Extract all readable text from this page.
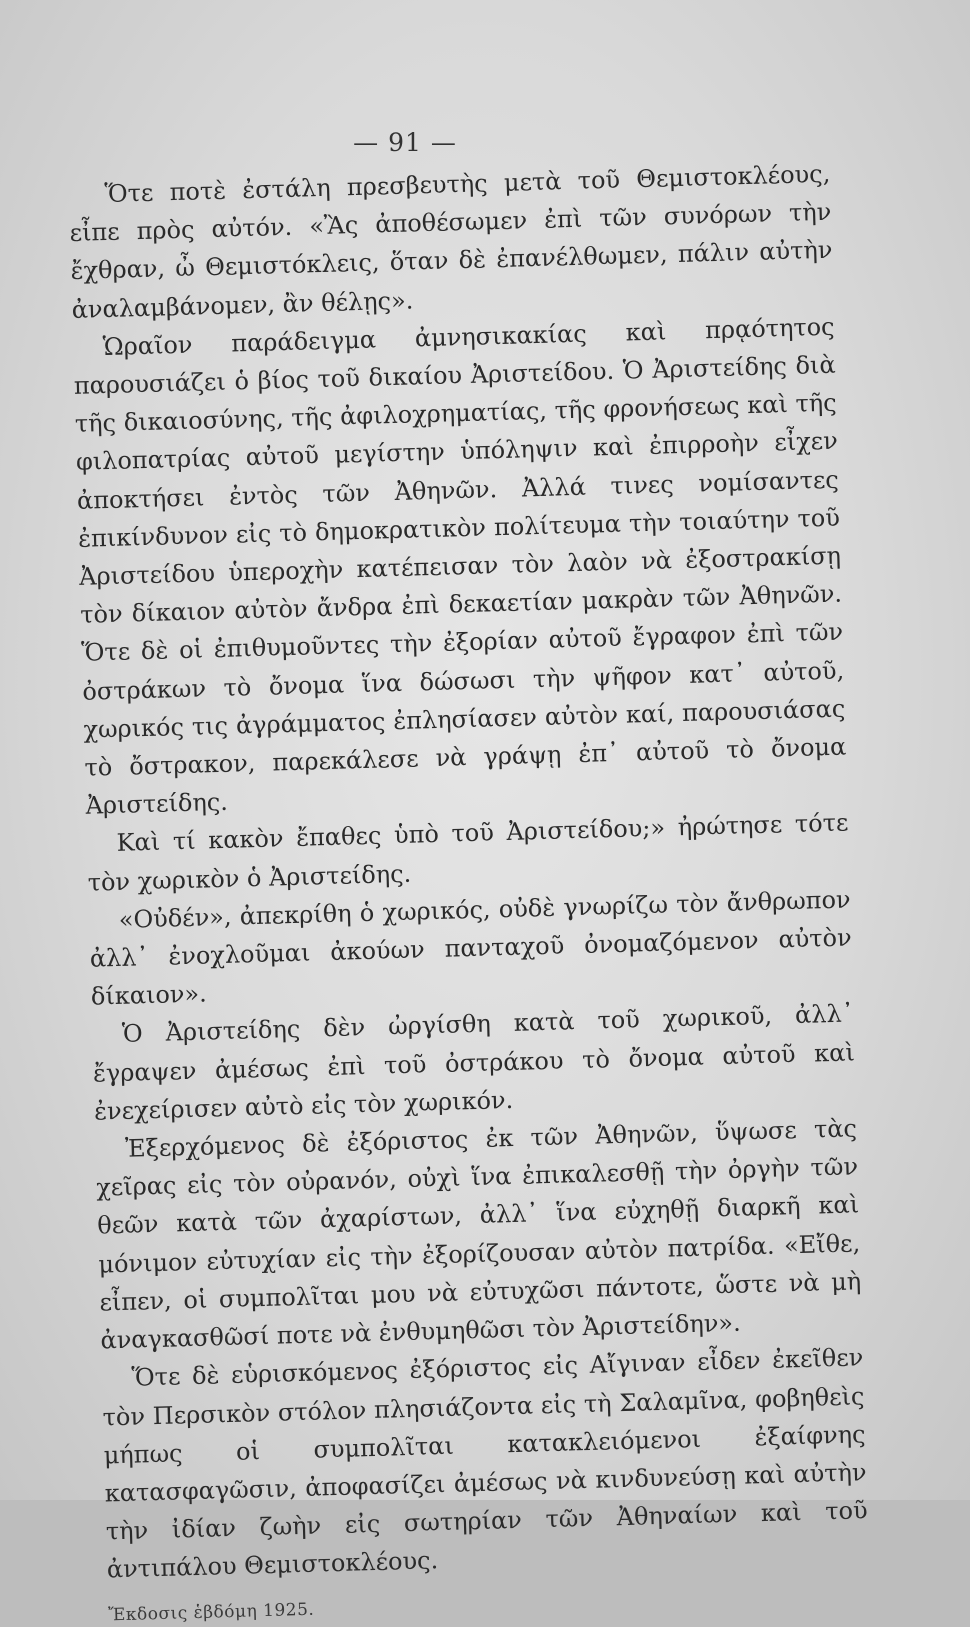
— 91 —

Ὅτε ποτὲ ἐστάλη πρεσβευτὴς μετὰ τοῦ Θεμιστοκλέους, εἶπε πρὸς αὐτόν. «Ἂς ἀποθέσωμεν ἐπὶ τῶν συνόρων τὴν ἔχθραν, ὦ Θεμιστόκλεις, ὅταν δὲ ἐπανέλθωμεν, πάλιν αὐτὴν ἀναλαμβάνομεν, ἂν θέλῃς».

Ὡραῖον παράδειγμα ἀμνησικακίας καὶ πρᾳότητος παρουσιάζει ὁ βίος τοῦ δικαίου Ἀριστείδου. Ὁ Ἀριστείδης διὰ τῆς δικαιοσύνης, τῆς ἀφιλοχρηματίας, τῆς φρονήσεως καὶ τῆς φιλοπατρίας αὐτοῦ μεγίστην ὑπόληψιν καὶ ἐπιρροὴν εἶχεν ἀποκτήσει ἐντὸς τῶν Ἀθηνῶν. Ἀλλά τινες νομίσαντες ἐπικίνδυνον εἰς τὸ δημοκρατικὸν πολίτευμα τὴν τοιαύτην τοῦ Ἀριστείδου ὑπεροχὴν κατέπεισαν τὸν λαὸν νὰ ἐξοστρακίσῃ τὸν δίκαιον αὐτὸν ἄνδρα ἐπὶ δεκαετίαν μακρὰν τῶν Ἀθηνῶν. Ὅτε δὲ οἱ ἐπιθυμοῦντες τὴν ἐξορίαν αὐτοῦ ἔγραφον ἐπὶ τῶν ὀστράκων τὸ ὄνομα ἵνα δώσωσι τὴν ψῆφον κατ᾿ αὐτοῦ, χωρικός τις ἀγράμματος ἐπλησίασεν αὐτὸν καί, παρουσιάσας τὸ ὄστρακον, παρεκάλεσε νὰ γράψῃ ἐπ᾿ αὐτοῦ τὸ ὄνομα Ἀριστείδης.

Καὶ τί κακὸν ἔπαθες ὑπὸ τοῦ Ἀριστείδου;» ἠρώτησε τότε τὸν χωρικὸν ὁ Ἀριστείδης.

«Οὐδέν», ἀπεκρίθη ὁ χωρικός, οὐδὲ γνωρίζω τὸν ἄνθρωπον ἀλλ᾿ ἐνοχλοῦμαι ἀκούων πανταχοῦ ὀνομαζόμενον αὐτὸν δίκαιον».

Ὁ Ἀριστείδης δὲν ὠργίσθη κατὰ τοῦ χωρικοῦ, ἀλλ᾿ ἔγραψεν ἀμέσως ἐπὶ τοῦ ὀστράκου τὸ ὄνομα αὐτοῦ καὶ ἐνεχείρισεν αὐτὸ εἰς τὸν χωρικόν.

Ἐξερχόμενος δὲ ἐξόριστος ἐκ τῶν Ἀθηνῶν, ὕψωσε τὰς χεῖρας εἰς τὸν οὐρανόν, οὐχὶ ἵνα ἐπικαλεσθῇ τὴν ὀργὴν τῶν θεῶν κατὰ τῶν ἀχαρίστων, ἀλλ᾿ ἵνα εὐχηθῇ διαρκῆ καὶ μόνιμον εὐτυχίαν εἰς τὴν ἐξορίζουσαν αὐτὸν πατρίδα. «Εἴθε, εἶπεν, οἱ συμπολῖται μου νὰ εὐτυχῶσι πάντοτε, ὥστε νὰ μὴ ἀναγκασθῶσί ποτε νὰ ἐνθυμηθῶσι τὸν Ἀριστείδην».

Ὅτε δὲ εὑρισκόμενος ἐξόριστος εἰς Αἴγιναν εἶδεν ἐκεῖθεν τὸν Περσικὸν στόλον πλησιάζοντα εἰς τὴ Σαλαμῖνα, φοβηθεὶς μήπως οἱ συμπολῖται κατακλειόμενοι ἐξαίφνης κατασφαγῶσιν, ἀποφασίζει ἀμέσως νὰ κινδυνεύσῃ καὶ αὐτὴν τὴν ἰδίαν ζωὴν εἰς σωτηρίαν τῶν Ἀθηναίων καὶ τοῦ ἀντιπάλου Θεμιστοκλέους.

Ἔκδοσις ἑβδόμη 1925.
